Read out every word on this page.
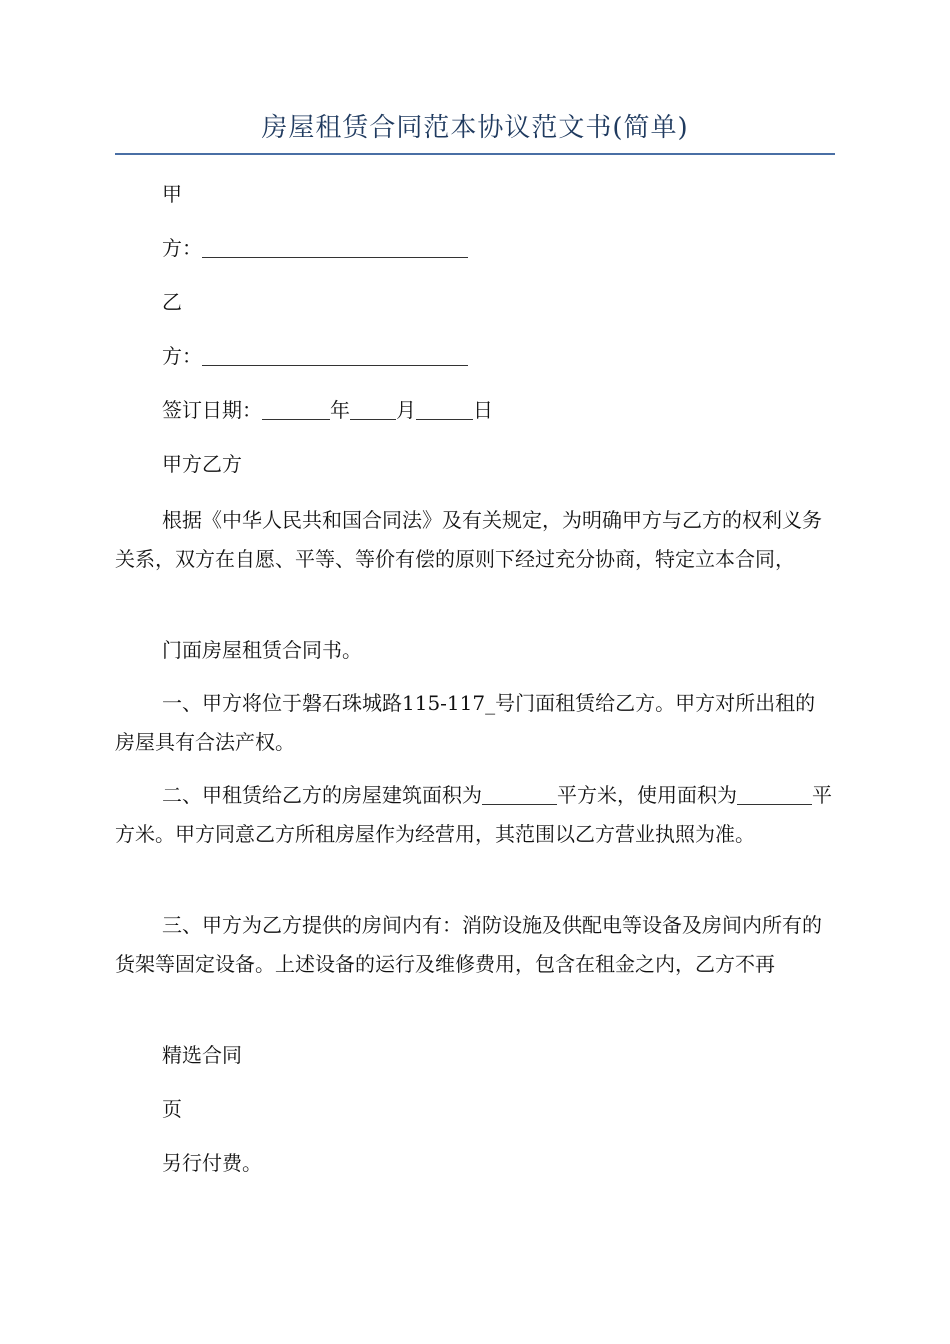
房屋租赁合同范本协议范文书(简单)
甲
方：
乙
方：
签订日期：	年 月	日
甲方乙方
根据《中华人民共和国合同法》及有关规定，为明确甲方与乙方的权利义务关系，双方在自愿、平等、等价有偿的原则下经过充分协商，特定立本合同，
门面房屋租赁合同书。
一、甲方将位于磐石珠城路115-117_号门面租赁给乙方。甲方对所出租的房屋具有合法产权。
二、甲租赁给乙方的房屋建筑面积为	平方米，使用面积为	平方米。甲方同意乙方所租房屋作为经营用，其范围以乙方营业执照为准。
三、甲方为乙方提供的房间内有：消防设施及供配电等设备及房间内所有的货架等固定设备。上述设备的运行及维修费用，包含在租金之内，乙方不再
精选合同
页
另行付费。
